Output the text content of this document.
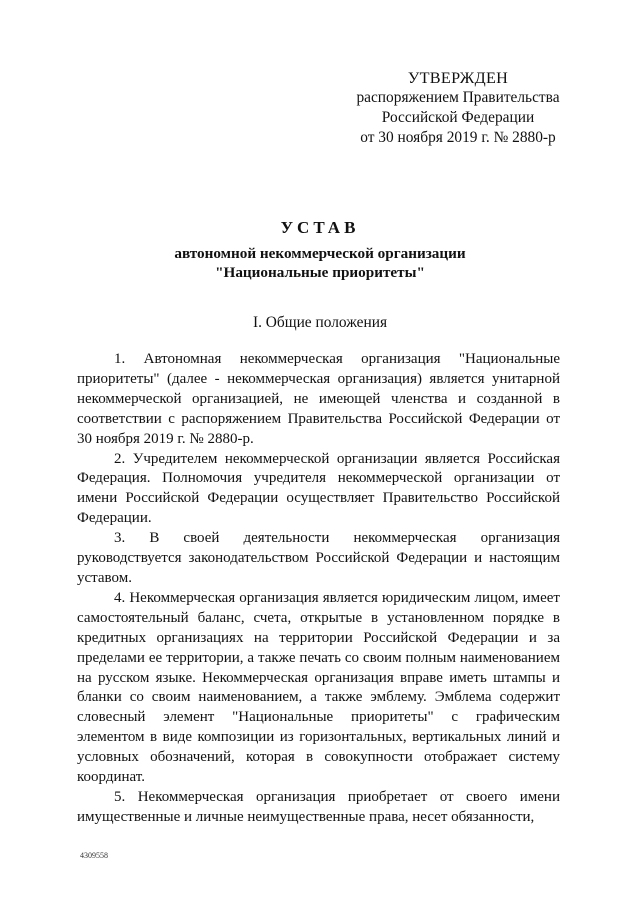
УТВЕРЖДЕН
распоряжением Правительства
Российской Федерации
от 30 ноября 2019 г. № 2880-р
УСТАВ
автономной некоммерческой организации
"Национальные приоритеты"
I. Общие положения

1. Автономная некоммерческая организация "Национальные приоритеты" (далее - некоммерческая организация) является унитарной некоммерческой организацией, не имеющей членства и созданной в соответствии с распоряжением Правительства Российской Федерации от 30 ноября 2019 г. № 2880-р.

2. Учредителем некоммерческой организации является Российская Федерация. Полномочия учредителя некоммерческой организации от имени Российской Федерации осуществляет Правительство Российской Федерации.

3. В своей деятельности некоммерческая организация руководствуется законодательством Российской Федерации и настоящим уставом.

4. Некоммерческая организация является юридическим лицом, имеет самостоятельный баланс, счета, открытые в установленном порядке в кредитных организациях на территории Российской Федерации и за пределами ее территории, а также печать со своим полным наименованием на русском языке. Некоммерческая организация вправе иметь штампы и бланки со своим наименованием, а также эмблему. Эмблема содержит словесный элемент "Национальные приоритеты" с графическим элементом в виде композиции из горизонтальных, вертикальных линий и условных обозначений, которая в совокупности отображает систему координат.

5. Некоммерческая организация приобретает от своего имени имущественные и личные неимущественные права, несет обязанности,

4309558
